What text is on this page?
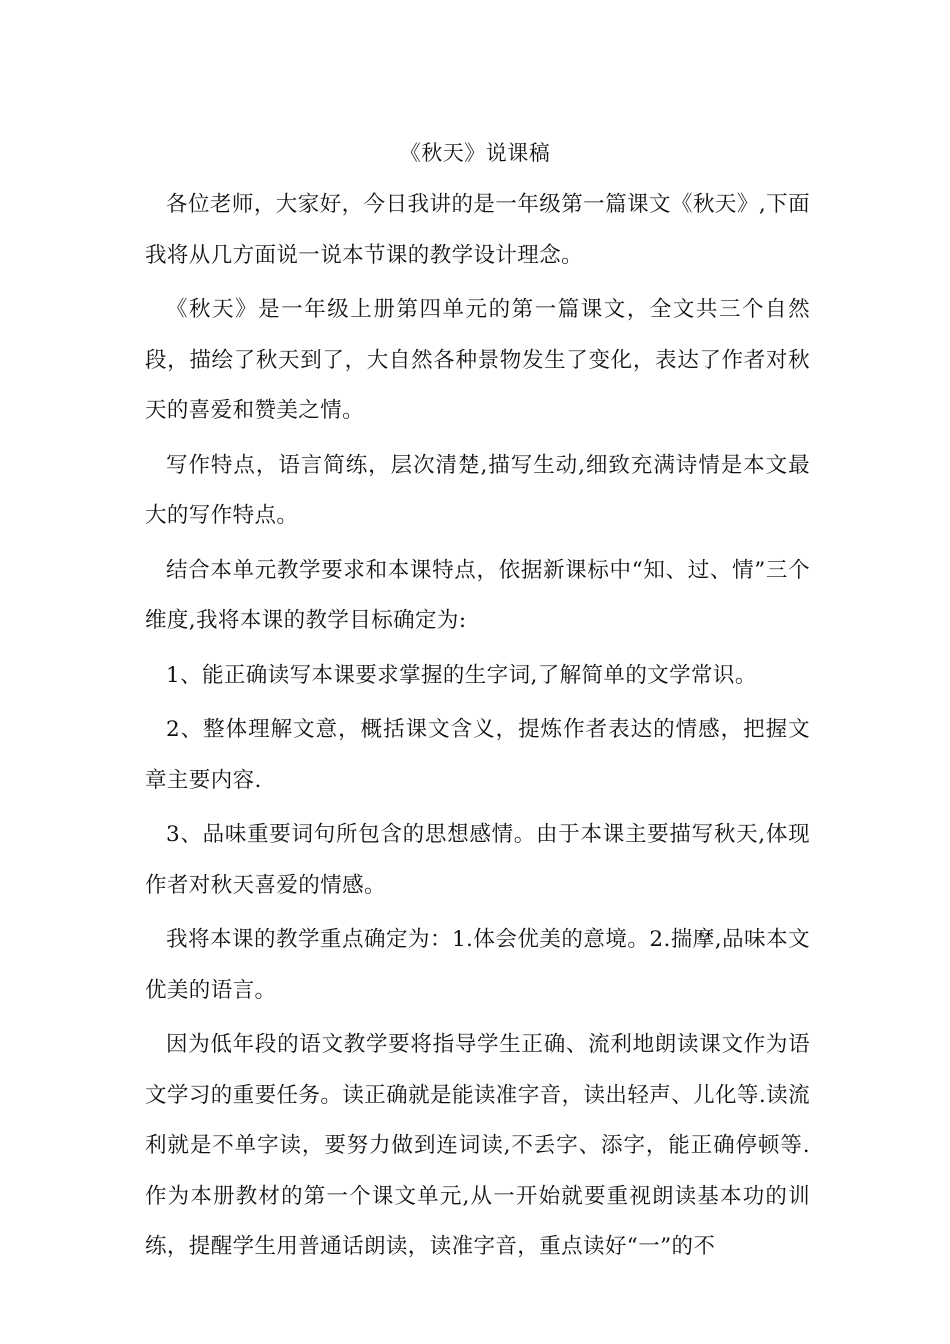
《秋天》说课稿

各位老师，大家好，今日我讲的是一年级第一篇课文《秋天》,下面我将从几方面说一说本节课的教学设计理念。

《秋天》是一年级上册第四单元的第一篇课文，全文共三个自然段，描绘了秋天到了，大自然各种景物发生了变化，表达了作者对秋天的喜爱和赞美之情。

写作特点，语言简练，层次清楚,描写生动,细致充满诗情是本文最大的写作特点。

结合本单元教学要求和本课特点，依据新课标中“知、过、情”三个维度,我将本课的教学目标确定为:

1、能正确读写本课要求掌握的生字词,了解简单的文学常识。

2、整体理解文意，概括课文含义，提炼作者表达的情感，把握文章主要内容.

3、品味重要词句所包含的思想感情。由于本课主要描写秋天,体现作者对秋天喜爱的情感。

我将本课的教学重点确定为：1.体会优美的意境。2.揣摩,品味本文优美的语言。

因为低年段的语文教学要将指导学生正确、流利地朗读课文作为语文学习的重要任务。读正确就是能读准字音，读出轻声、儿化等.读流利就是不单字读，要努力做到连词读,不丢字、添字，能正确停顿等.作为本册教材的第一个课文单元,从一开始就要重视朗读基本功的训练，提醒学生用普通话朗读，读准字音，重点读好“一”的不
